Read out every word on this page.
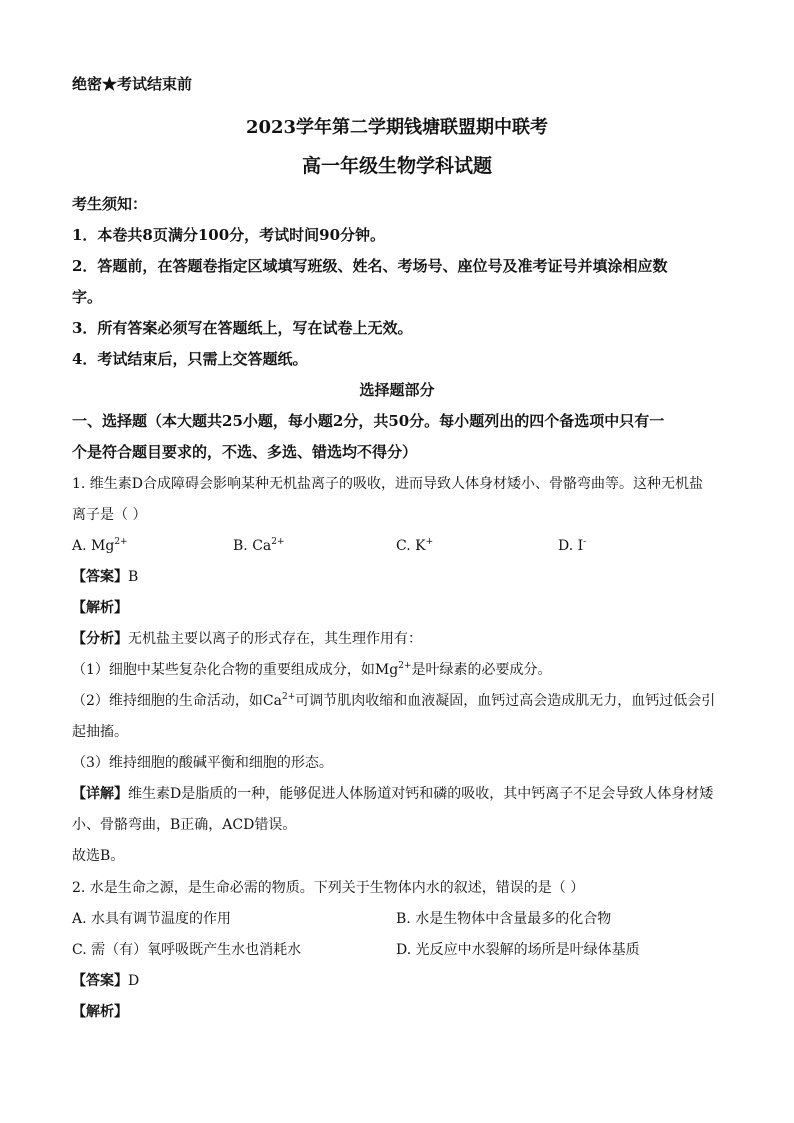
绝密★考试结束前
2023学年第二学期钱塘联盟期中联考
高一年级生物学科试题
考生须知：
1．本卷共8页满分100分，考试时间90分钟。
2．答题前，在答题卷指定区域填写班级、姓名、考场号、座位号及准考证号并填涂相应数
字。
3．所有答案必须写在答题纸上，写在试卷上无效。
4．考试结束后，只需上交答题纸。
选择题部分
一、选择题（本大题共25小题，每小题2分，共50分。每小题列出的四个备选项中只有一
个是符合题目要求的，不选、多选、错选均不得分）
1. 维生素D合成障碍会影响某种无机盐离子的吸收，进而导致人体身材矮小、骨骼弯曲等。这种无机盐
离子是（ ）
A. $Mg^{2+}$	B. $Ca^{2+}$	C. K+	D. I-
【答案】B
【解析】
【分析】无机盐主要以离子的形式存在，其生理作用有：
（1）细胞中某些复杂化合物的重要组成成分，如$Mg^{2+}$是叶绿素的必要成分。
（2）维持细胞的生命活动，如$Ca^{2+}$可调节肌肉收缩和血液凝固，血钙过高会造成肌无力，血钙过低会引
起抽搐。
（3）维持细胞的酸碱平衡和细胞的形态。
【详解】维生素D是脂质的一种，能够促进人体肠道对钙和磷的吸收，其中钙离子不足会导致人体身材矮
小、骨骼弯曲，B正确，ACD错误。
故选B。
2. 水是生命之源，是生命必需的物质。下列关于生物体内水的叙述，错误的是（ ）
A. 水具有调节温度的作用	B. 水是生物体中含量最多的化合物
C. 需（有）氧呼吸既产生水也消耗水	D. 光反应中水裂解的场所是叶绿体基质
【答案】D
【解析】
